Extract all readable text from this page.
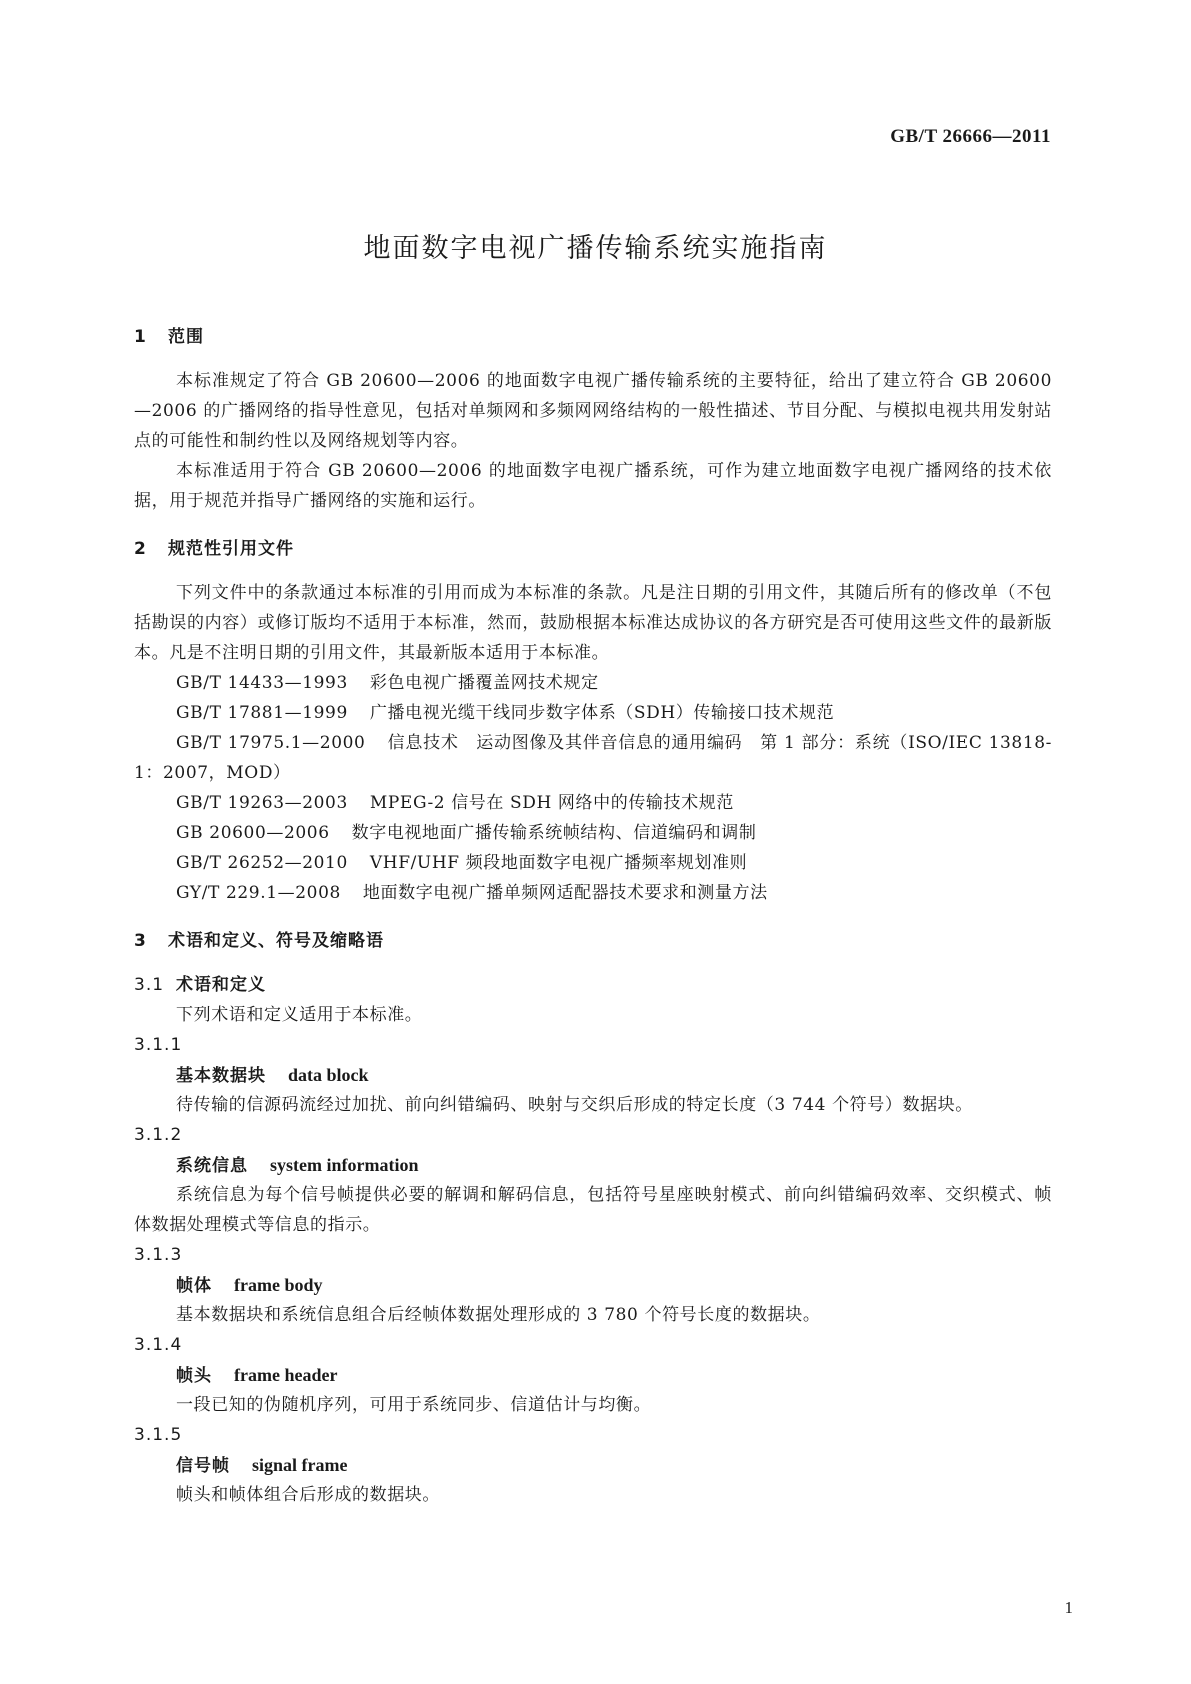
GB/T 26666—2011
地面数字电视广播传输系统实施指南
1 范围

本标准规定了符合 GB 20600—2006 的地面数字电视广播传输系统的主要特征，给出了建立符合 GB 20600—2006 的广播网络的指导性意见，包括对单频网和多频网网络结构的一般性描述、节目分配、与模拟电视共用发射站点的可能性和制约性以及网络规划等内容。

本标准适用于符合 GB 20600—2006 的地面数字电视广播系统，可作为建立地面数字电视广播网络的技术依据，用于规范并指导广播网络的实施和运行。

2 规范性引用文件

下列文件中的条款通过本标准的引用而成为本标准的条款。凡是注日期的引用文件，其随后所有的修改单（不包括勘误的内容）或修订版均不适用于本标准，然而，鼓励根据本标准达成协议的各方研究是否可使用这些文件的最新版本。凡是不注明日期的引用文件，其最新版本适用于本标准。

GB/T 14433—1993 彩色电视广播覆盖网技术规定

GB/T 17881—1999 广播电视光缆干线同步数字体系（SDH）传输接口技术规范

GB/T 17975.1—2000 信息技术　运动图像及其伴音信息的通用编码　第 1 部分：系统（ISO/IEC 13818-1：2007，MOD）

GB/T 19263—2003 MPEG-2 信号在 SDH 网络中的传输技术规范

GB 20600—2006 数字电视地面广播传输系统帧结构、信道编码和调制

GB/T 26252—2010 VHF/UHF 频段地面数字电视广播频率规划准则

GY/T 229.1—2008 地面数字电视广播单频网适配器技术要求和测量方法

3 术语和定义、符号及缩略语
3.1 术语和定义

下列术语和定义适用于本标准。

3.1.1
基本数据块 data block

待传输的信源码流经过加扰、前向纠错编码、映射与交织后形成的特定长度（3 744 个符号）数据块。

3.1.2
系统信息 system information

系统信息为每个信号帧提供必要的解调和解码信息，包括符号星座映射模式、前向纠错编码效率、交织模式、帧体数据处理模式等信息的指示。

3.1.3
帧体 frame body

基本数据块和系统信息组合后经帧体数据处理形成的 3 780 个符号长度的数据块。

3.1.4
帧头 frame header

一段已知的伪随机序列，可用于系统同步、信道估计与均衡。

3.1.5
信号帧 signal frame

帧头和帧体组合后形成的数据块。

1
